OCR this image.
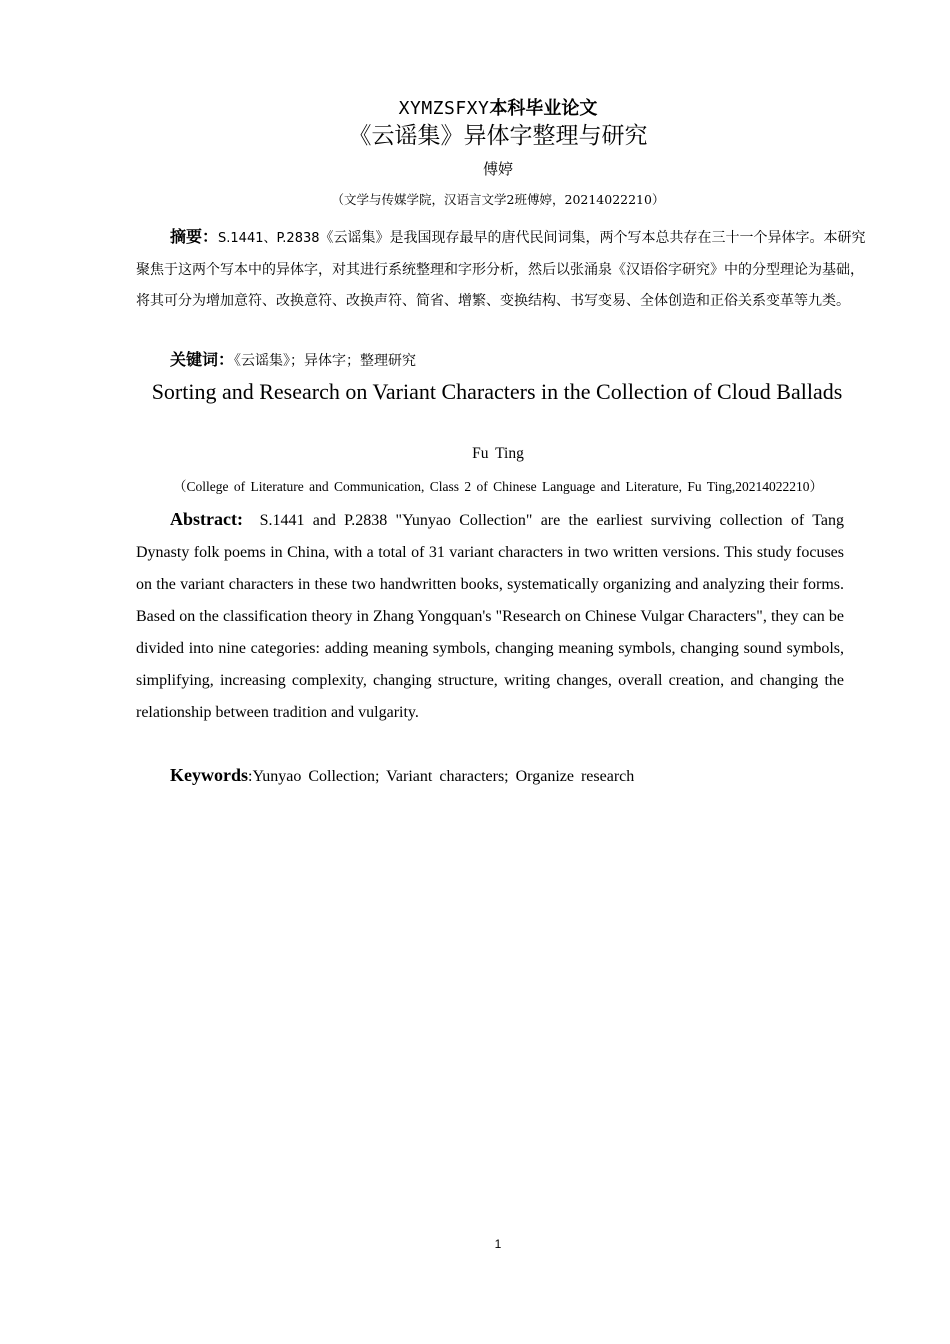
XYMZSFXY本科毕业论文
《云谣集》异体字整理与研究
傅婷
（文学与传媒学院，汉语言文学2班傅婷，20214022210）

摘要：S.1441、P.2838《云谣集》是我国现存最早的唐代民间词集，两个写本总共存在三十一个异体字。本研究聚焦于这两个写本中的异体字，对其进行系统整理和字形分析，然后以张涌泉《汉语俗字研究》中的分型理论为基础，将其可分为增加意符、改换意符、改换声符、简省、增繁、变换结构、书写变易、全体创造和正俗关系变革等九类。

关键词：《云谣集》；异体字；整理研究
Sorting and Research on Variant Characters in the Collection of Cloud Ballads
Fu Ting
（College of Literature and Communication, Class 2 of Chinese Language and Literature, Fu Ting,20214022210）

Abstract: S.1441 and P.2838 "Yunyao Collection" are the earliest surviving collection of Tang Dynasty folk poems in China, with a total of 31 variant characters in two written versions. This study focuses on the variant characters in these two handwritten books, systematically organizing and analyzing their forms. Based on the classification theory in Zhang Yongquan's "Research on Chinese Vulgar Characters", they can be divided into nine categories: adding meaning symbols, changing meaning symbols, changing sound symbols, simplifying, increasing complexity, changing structure, writing changes, overall creation, and changing the relationship between tradition and vulgarity.

Keywords:Yunyao Collection; Variant characters; Organize research
1
